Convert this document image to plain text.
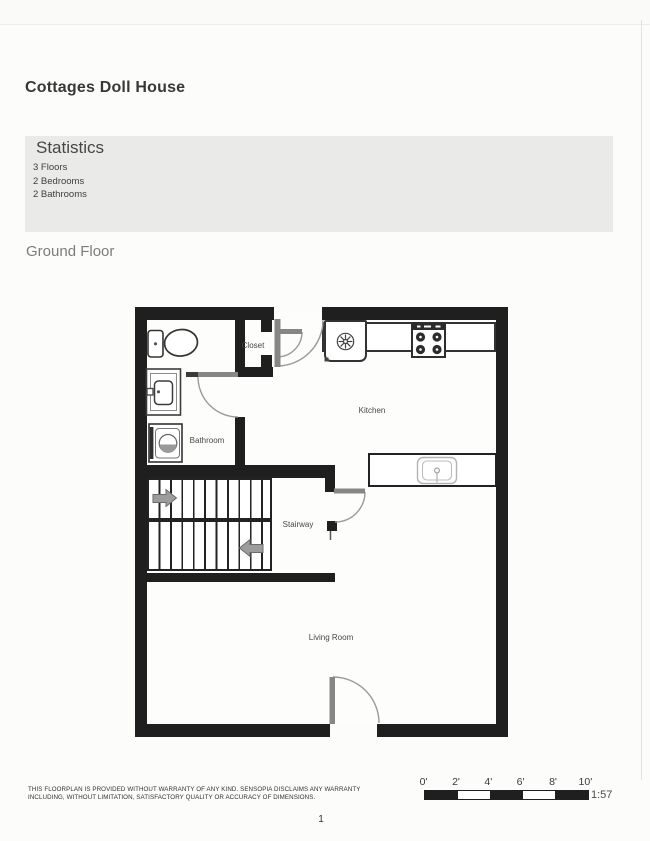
Cottages Doll House
Statistics
3 Floors
2 Bedrooms
2 Bathrooms
Ground Floor
Closet
Bathroom
Kitchen
Stairway
Living Room
0'	2'	4'	6'	8'	10'
1:57
THIS FLOORPLAN IS PROVIDED WITHOUT WARRANTY OF ANY KIND. SENSOPIA DISCLAIMS ANY WARRANTY
INCLUDING, WITHOUT LIMITATION, SATISFACTORY QUALITY OR ACCURACY OF DIMENSIONS.
1
